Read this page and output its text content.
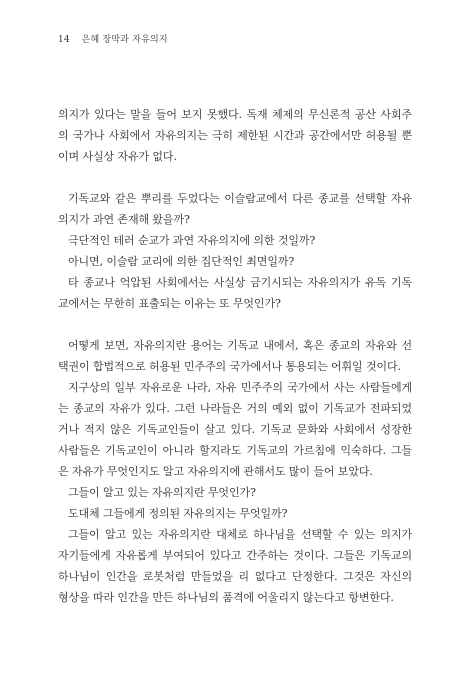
14 은혜 장막과 자유의지
의지가 있다는 말을 들어 보지 못했다. 독재 체제의 무신론적 공산 사회주
의 국가나 사회에서 자유의지는 극히 제한된 시간과 공간에서만 허용될 뿐
이며 사실상 자유가 없다.
기독교와 같은 뿌리를 두었다는 이슬람교에서 다른 종교를 선택할 자유
의지가 과연 존재해 왔을까?
극단적인 테러 순교가 과연 자유의지에 의한 것일까?
아니면, 이슬람 교리에 의한 집단적인 최면일까?
타 종교나 억압된 사회에서는 사실상 금기시되는 자유의지가 유독 기독
교에서는 무한히 표출되는 이유는 또 무엇인가?
어떻게 보면, 자유의지란 용어는 기독교 내에서, 혹은 종교의 자유와 선
택권이 합법적으로 허용된 민주주의 국가에서나 통용되는 어휘일 것이다.
지구상의 일부 자유로운 나라, 자유 민주주의 국가에서 사는 사람들에게
는 종교의 자유가 있다. 그런 나라들은 거의 예외 없이 기독교가 전파되었
거나 적지 않은 기독교인들이 살고 있다. 기독교 문화와 사회에서 성장한
사람들은 기독교인이 아니라 할지라도 기독교의 가르침에 익숙하다. 그들
은 자유가 무엇인지도 알고 자유의지에 관해서도 많이 들어 보았다.
그들이 알고 있는 자유의지란 무엇인가?
도대체 그들에게 정의된 자유의지는 무엇일까?
그들이 알고 있는 자유의지란 대체로 하나님을 선택할 수 있는 의지가
자기들에게 자유롭게 부여되어 있다고 간주하는 것이다. 그들은 기독교의
하나님이 인간을 로봇처럼 만들었을 리 없다고 단정한다. 그것은 자신의
형상을 따라 인간을 만든 하나님의 품격에 어울리지 않는다고 항변한다.
